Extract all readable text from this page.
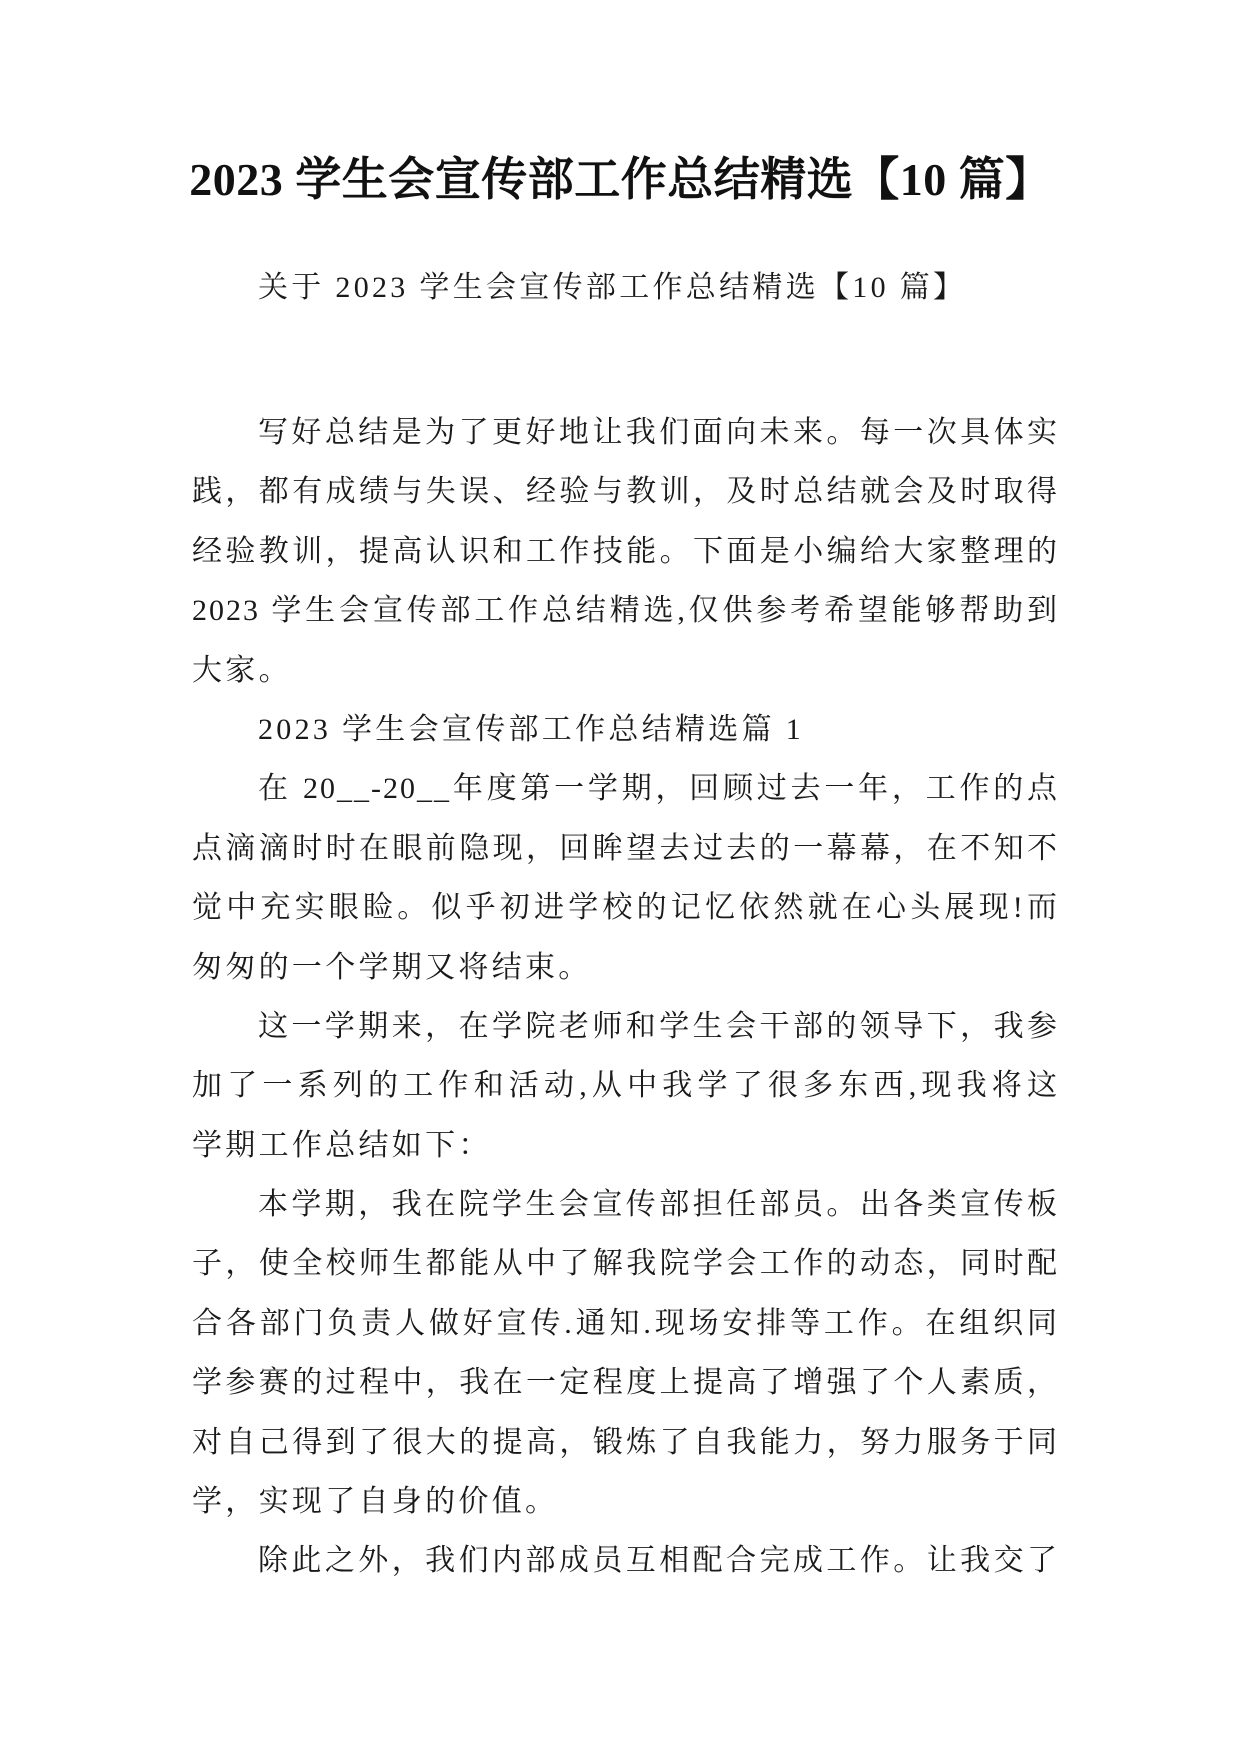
2023 学生会宣传部工作总结精选【10 篇】
关于 2023 学生会宣传部工作总结精选【10 篇】
写好总结是为了更好地让我们面向未来。每一次具体实
践，都有成绩与失误、经验与教训，及时总结就会及时取得
经验教训，提高认识和工作技能。下面是小编给大家整理的
2023 学生会宣传部工作总结精选,仅供参考希望能够帮助到
大家。
2023 学生会宣传部工作总结精选篇 1
在 20__-20__年度第一学期，回顾过去一年，工作的点
点滴滴时时在眼前隐现，回眸望去过去的一幕幕，在不知不
觉中充实眼睑。似乎初进学校的记忆依然就在心头展现!而
匆匆的一个学期又将结束。
这一学期来，在学院老师和学生会干部的领导下，我参
加了一系列的工作和活动,从中我学了很多东西,现我将这
学期工作总结如下：
本学期，我在院学生会宣传部担任部员。出各类宣传板
子，使全校师生都能从中了解我院学会工作的动态，同时配
合各部门负责人做好宣传.通知.现场安排等工作。在组织同
学参赛的过程中，我在一定程度上提高了增强了个人素质，
对自己得到了很大的提高，锻炼了自我能力，努力服务于同
学，实现了自身的价值。
除此之外，我们内部成员互相配合完成工作。让我交了
